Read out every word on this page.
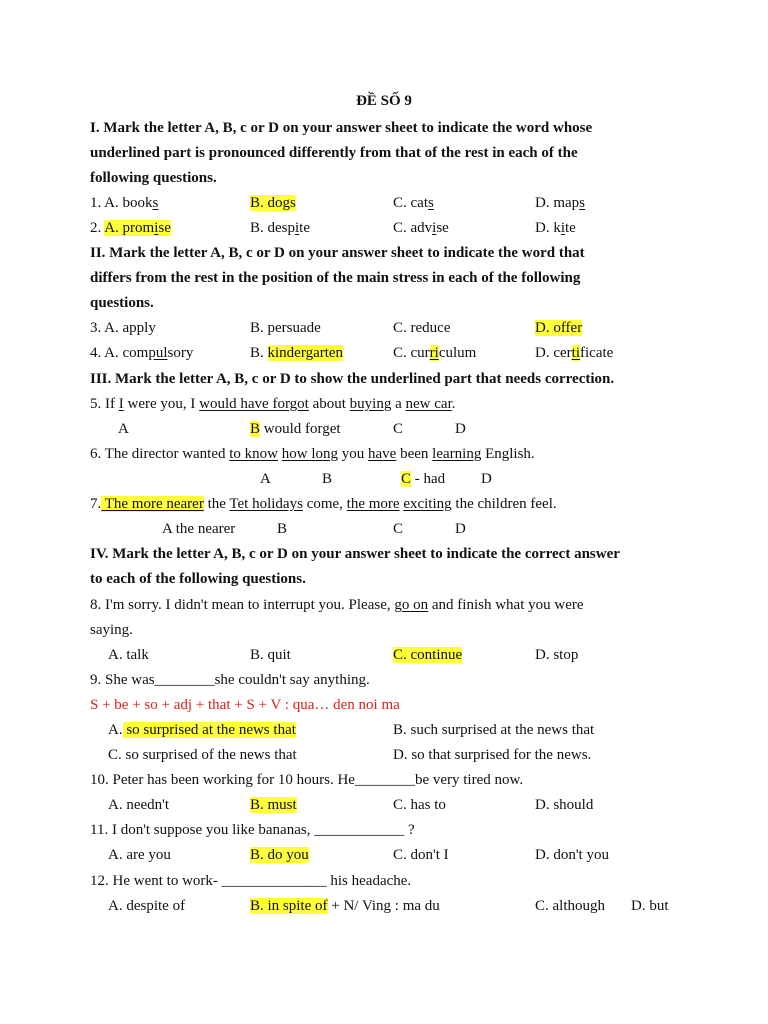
ĐỀ SỐ 9
I. Mark the letter A, B, c or D on your answer sheet to indicate the word whose
underlined part is pronounced differently from that of the rest in each of the
following questions.
1. A. books	B. dogs	C. cats	D. maps
2. A. promise	B. despite	C. advise	D. kite
II. Mark the letter A, B, c or D on your answer sheet to indicate the word that
differs from the rest in the position of the main stress in each of the following
questions.
3. A. apply	B. persuade	C. reduce	D. offer
4. A. compulsory	B. kindergarten	C. curriculum	D. certificate
III. Mark the letter A, B, c or D to show the underlined part that needs correction.
5. If I were you, I would have forgot about buying a new car.
A	B would forget	C	D
6. The director wanted to know how long you have been learning English.
A	B	C - had D
7. The more nearer the Tet holidays come, the more exciting the children feel.
A the nearer	B	C	D
IV. Mark the letter A, B, c or D on your answer sheet to indicate the correct answer
to each of the following questions.
8. I'm sorry. I didn't mean to interrupt you. Please, go on and finish what you were
saying.
A. talk	B. quit	C. continue	D. stop
9. She was________she couldn't say anything.
S + be + so + adj + that + S + V : qua… den noi ma
A. so surprised at the news that	B. such surprised at the news that
C. so surprised of the news that	D. so that surprised for the news.
10. Peter has been working for 10 hours. He________be very tired now.
A. needn't	B. must	C. has to	D. should
11. I don't suppose you like bananas, ____________ ?
A. are you	B. do you	C. don't I	D. don't you
12. He went to work- ______________ his headache.
A. despite of	B. in spite of + N/ Ving : ma du	C. although D. but
